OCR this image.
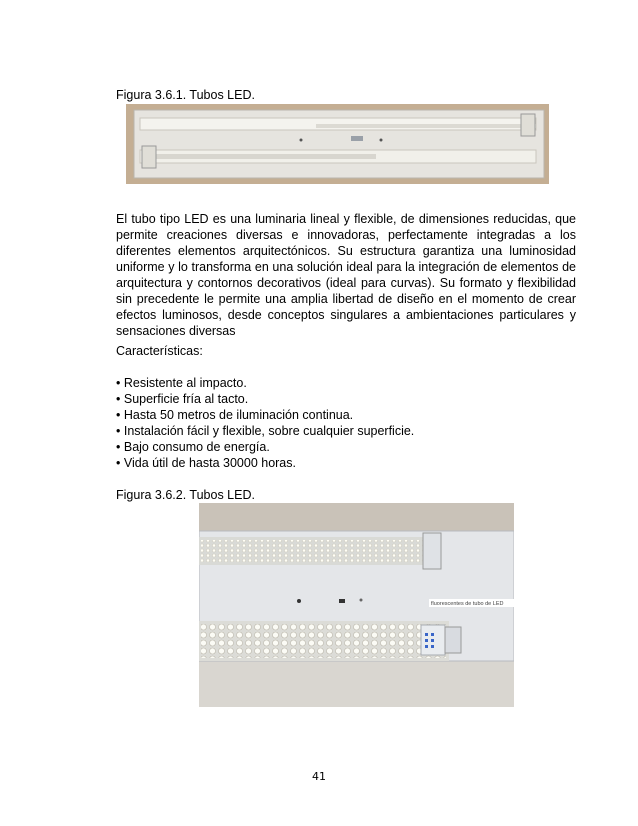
Figura 3.6.1. Tubos LED.
El tubo tipo LED es una luminaria lineal y flexible, de dimensiones reducidas, que permite creaciones diversas e innovadoras, perfectamente integradas a los diferentes elementos arquitectónicos. Su estructura garantiza una luminosidad uniforme y lo transforma en una solución ideal para la integración de elementos de arquitectura y contornos decorativos (ideal para curvas). Su formato y flexibilidad sin precedente le permite una amplia libertad de diseño en el momento de crear efectos luminosos, desde conceptos singulares a ambientaciones particulares y sensaciones diversas
Características:
• Resistente al impacto.
• Superficie fría al tacto.
• Hasta 50 metros de iluminación continua.
• Instalación fácil y flexible, sobre cualquier superficie.
• Bajo consumo de energía.
• Vida útil de hasta 30000 horas.
Figura 3.6.2. Tubos LED.
fluorescentes de tubo de LED
41
